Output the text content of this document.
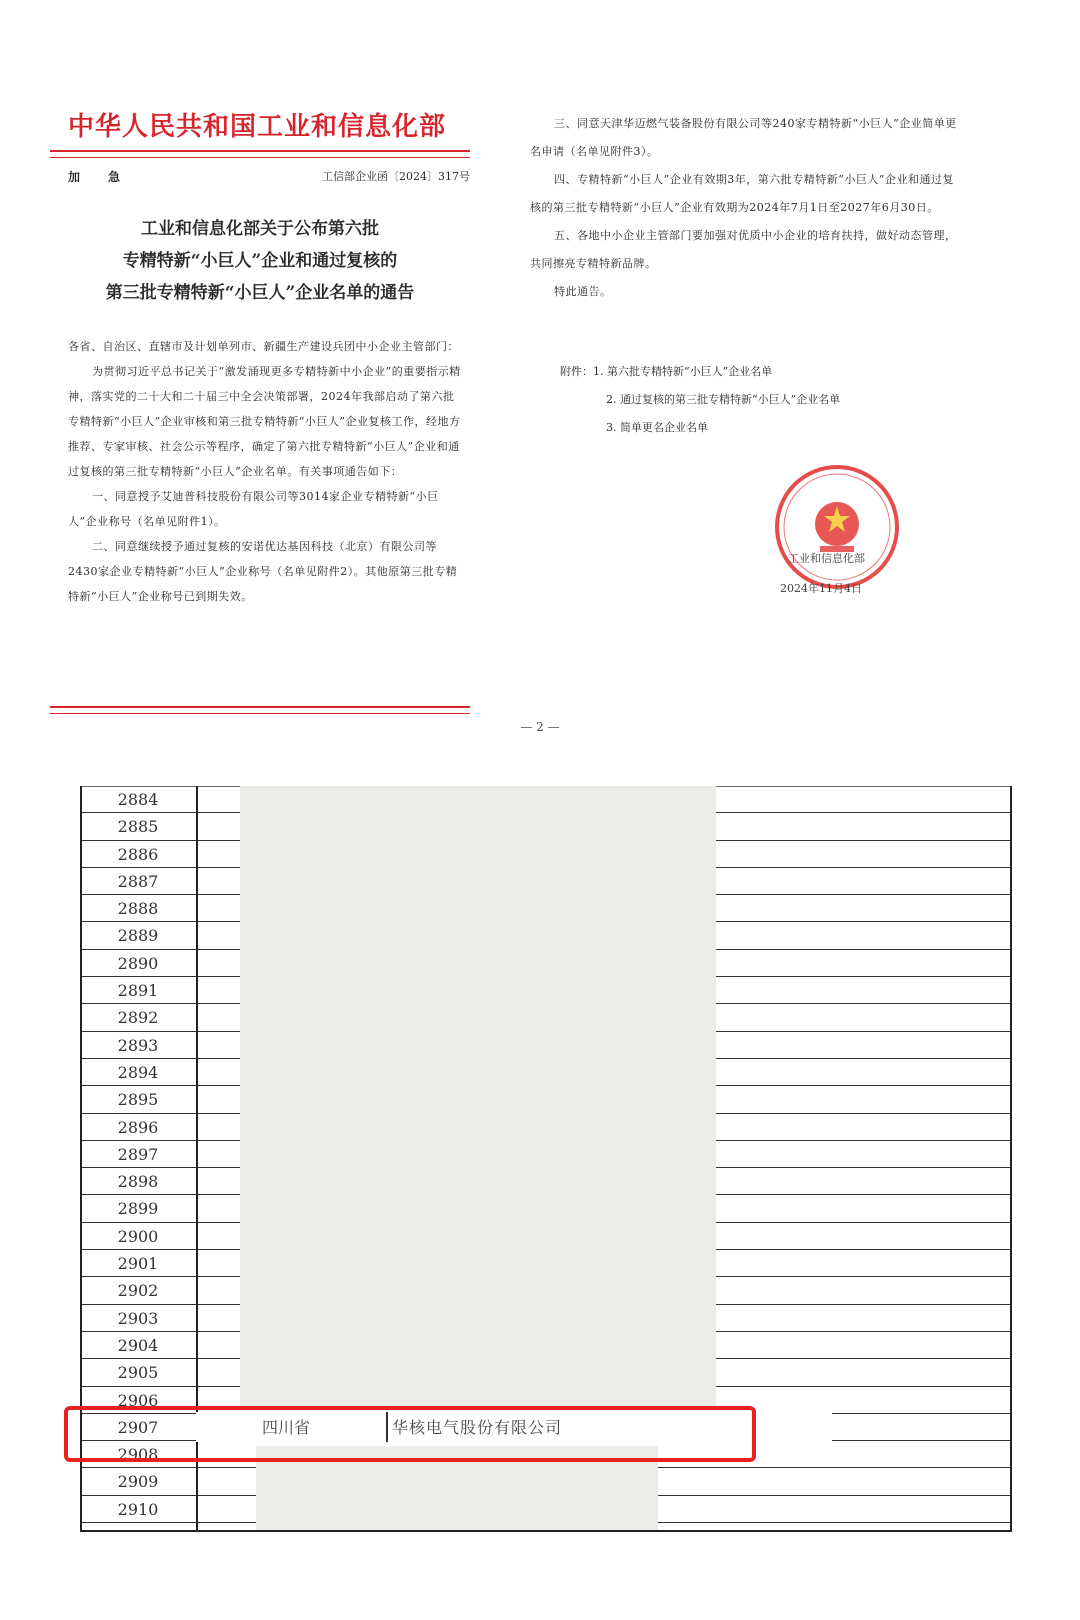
中华人民共和国工业和信息化部
加　急	工信部企业函〔2024〕317号
工业和信息化部关于公布第六批
专精特新“小巨人”企业和通过复核的
第三批专精特新“小巨人”企业名单的通告

各省、自治区、直辖市及计划单列市、新疆生产建设兵团中小企业主管部门：

为贯彻习近平总书记关于“激发涌现更多专精特新中小企业”的重要指示精神，落实党的二十大和二十届三中全会决策部署，2024年我部启动了第六批专精特新“小巨人”企业审核和第三批专精特新“小巨人”企业复核工作，经地方推荐、专家审核、社会公示等程序，确定了第六批专精特新“小巨人”企业和通过复核的第三批专精特新“小巨人”企业名单。有关事项通告如下：

一、同意授予艾迪普科技股份有限公司等3014家企业专精特新“小巨人”企业称号（名单见附件1）。

二、同意继续授予通过复核的安诺优达基因科技（北京）有限公司等2430家企业专精特新“小巨人”企业称号（名单见附件2）。其他原第三批专精特新“小巨人”企业称号已到期失效。

三、同意天津华迈燃气装备股份有限公司等240家专精特新“小巨人”企业简单更名申请（名单见附件3）。

四、专精特新“小巨人”企业有效期3年，第六批专精特新“小巨人”企业和通过复核的第三批专精特新“小巨人”企业有效期为2024年7月1日至2027年6月30日。

五、各地中小企业主管部门要加强对优质中小企业的培育扶持，做好动态管理，共同擦亮专精特新品牌。

特此通告。

附件：1. 第六批专精特新“小巨人”企业名单
2. 通过复核的第三批专精特新“小巨人”企业名单
3. 简单更名企业名单
工业和信息化部
2024年11月4日
— 2 —
2884
2885
2886
2887
2888
2889
2890
2891
2892
2893
2894
2895
2896
2897
2898
2899
2900
2901
2902
2903
2904
2905
2906
2907
2908
2909
2910
四川省	华核电气股份有限公司
